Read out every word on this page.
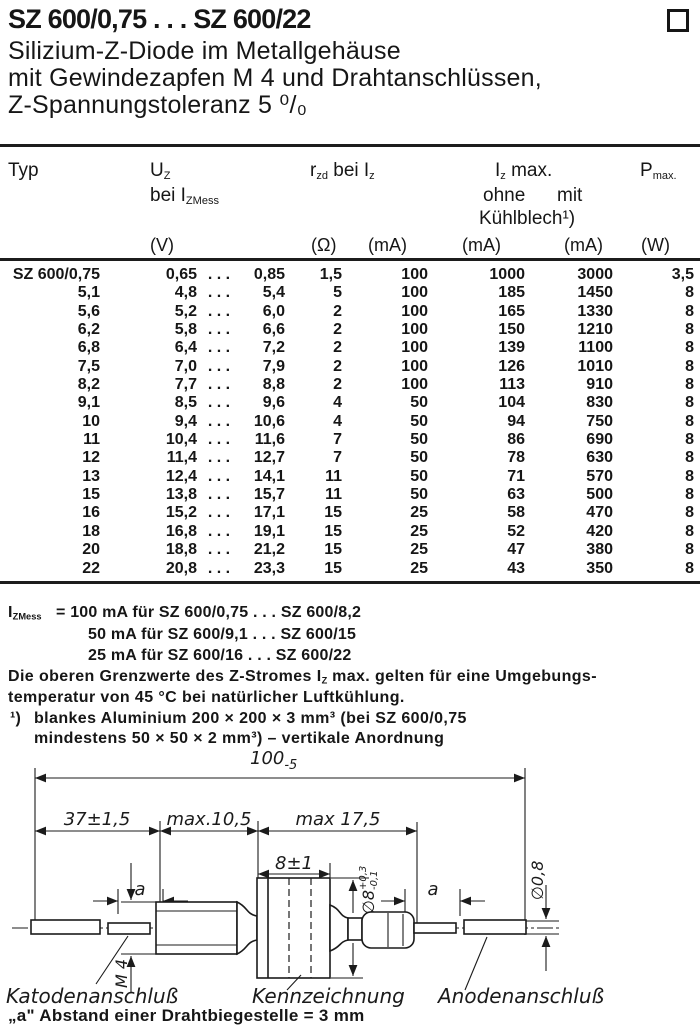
SZ 600/0,75 . . . SZ 600/22
Silizium-Z-Diode im Metallgehäuse
mit Gewindezapfen M 4 und Drahtanschlüssen,
Z-Spannungstoleranz 5 ⁰/₀
Typ	$U_Z$
bei $I_{ZMess}$
$r_{zd}$ bei $I_z$	$I_z$ max.
ohne mit
Kühlblech¹)
$P_{max.}$
(V)	(Ω) (mA)	(mA)	(mA) (W)
SZ 600/0,75	0,65 . . . 0,85 1,5	100	1000	3000	3,5
5,1	4,8 . . . 5,4	5	100	185	1450	8
5,6	5,2 . . . 6,0	2	100	165	1330	8
6,2	5,8 . . . 6,6	2	100	150	1210	8
6,8	6,4 . . . 7,2	2	100	139	1100	8
7,5	7,0 . . . 7,9	2	100	126	1010	8
8,2	7,7 . . . 8,8	2	100	113	910	8
9,1	8,5 . . . 9,6	4	50	104	830	8
10	9,4 . . . 10,6	4	50	94	750	8
11	10,4 . . . 11,6	7	50	86	690	8
12	11,4 . . . 12,7	7	50	78	630	8
13	12,4 . . . 14,1	11	50	71	570	8
15	13,8 . . . 15,7	11	50	63	500	8
16	15,2 . . . 17,1 15	25	58	470	8
18	16,8 . . . 19,1 15	25	52	420	8
20	18,8 . . . 21,2 15	25	47	380	8
22	20,8 . . . 23,3 15	25	43	350	8
$I_{ZMess} = 100$ mA für SZ 600/0,75 . . . SZ 600/8,2
50 mA für SZ 600/9,1 . . . SZ 600/15
25 mA für SZ 600/16 . . . SZ 600/22
Die oberen Grenzwerte des Z-Stromes $I_Z$ max. gelten für eine Umgebungs-
temperatur von 45 °C bei natürlicher Luftkühlung.
¹) blankes Aluminium 200 × 200 × 3 mm³ (bei SZ 600/0,75
mindestens 50 × 50 × 2 mm³) – vertikale Anordnung
$100_{-5}$
37±1,5 max.10,5 max 17,5
8±1
a	a
M 4
∅8
+0,3 -0,1	∅0,8
Katodenanschluß	Kennzeichnung Anodenanschluß
„a" Abstand einer Drahtbiegestelle = 3 mm
